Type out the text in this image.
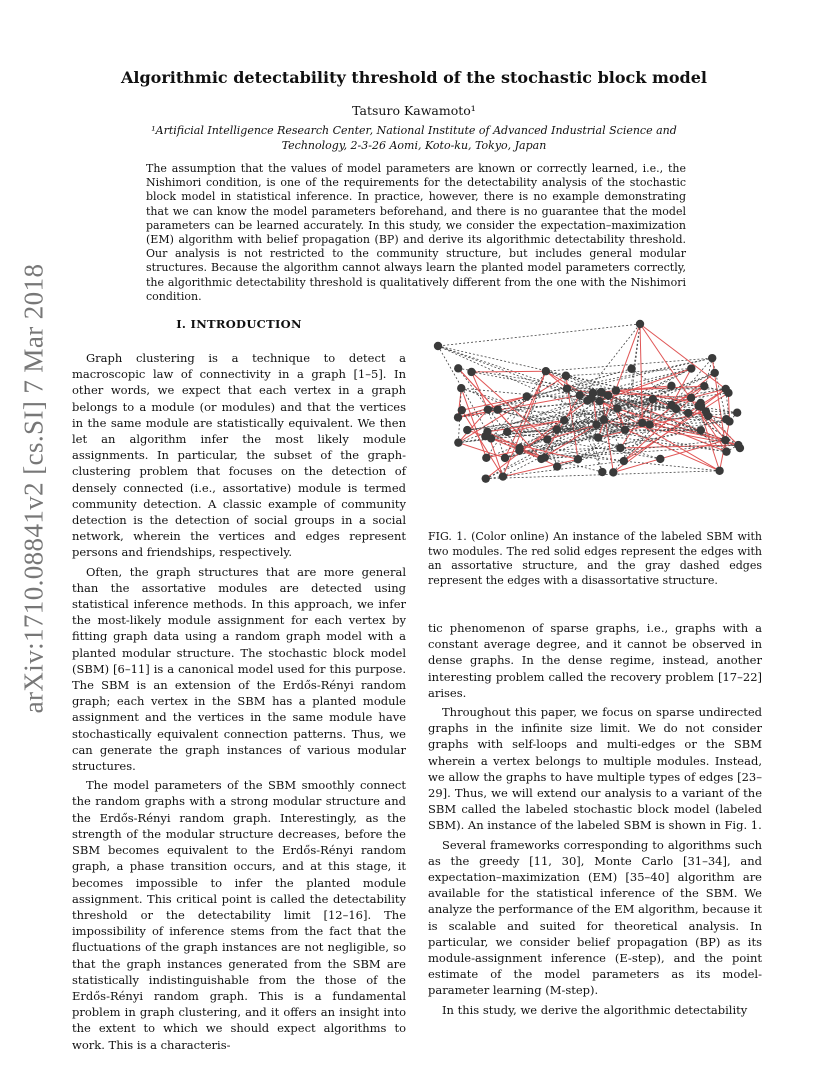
arXiv:1710.08841v2 [cs.SI] 7 Mar 2018
Algorithmic detectability threshold of the stochastic block model
Tatsuro Kawamoto¹
¹Artificial Intelligence Research Center, National Institute of Advanced Industrial Science and Technology, 2-3-26 Aomi, Koto-ku, Tokyo, Japan
The assumption that the values of model parameters are known or correctly learned, i.e., the Nishimori condition, is one of the requirements for the detectability analysis of the stochastic block model in statistical inference. In practice, however, there is no example demonstrating that we can know the model parameters beforehand, and there is no guarantee that the model parameters can be learned accurately. In this study, we consider the expectation–maximization (EM) algorithm with belief propagation (BP) and derive its algorithmic detectability threshold. Our analysis is not restricted to the community structure, but includes general modular structures. Because the algorithm cannot always learn the planted model parameters correctly, the algorithmic detectability threshold is qualitatively different from the one with the Nishimori condition.
I. INTRODUCTION

Graph clustering is a technique to detect a macroscopic law of connectivity in a graph [1–5]. In other words, we expect that each vertex in a graph belongs to a module (or modules) and that the vertices in the same module are statistically equivalent. We then let an algorithm infer the most likely module assignments. In particular, the subset of the graph-clustering problem that focuses on the detection of densely connected (i.e., assortative) module is termed community detection. A classic example of community detection is the detection of social groups in a social network, wherein the vertices and edges represent persons and friendships, respectively.

Often, the graph structures that are more general than the assortative modules are detected using statistical inference methods. In this approach, we infer the most-likely module assignment for each vertex by fitting graph data using a random graph model with a planted modular structure. The stochastic block model (SBM) [6–11] is a canonical model used for this purpose. The SBM is an extension of the Erdős-Rényi random graph; each vertex in the SBM has a planted module assignment and the vertices in the same module have stochastically equivalent connection patterns. Thus, we can generate the graph instances of various modular structures.

The model parameters of the SBM smoothly connect the random graphs with a strong modular structure and the Erdős-Rényi random graph. Interestingly, as the strength of the modular structure decreases, before the SBM becomes equivalent to the Erdős-Rényi random graph, a phase transition occurs, and at this stage, it becomes impossible to infer the planted module assignment. This critical point is called the detectability threshold or the detectability limit [12–16]. The impossibility of inference stems from the fact that the fluctuations of the graph instances are not negligible, so that the graph instances generated from the SBM are statistically indistinguishable from the those of the Erdős-Rényi random graph. This is a fundamental problem in graph clustering, and it offers an insight into the extent to which we should expect algorithms to work. This is a characteris-

FIG. 1. (Color online) An instance of the labeled SBM with two modules. The red solid edges represent the edges with an assortative structure, and the gray dashed edges represent the edges with a disassortative structure.

tic phenomenon of sparse graphs, i.e., graphs with a constant average degree, and it cannot be observed in dense graphs. In the dense regime, instead, another interesting problem called the recovery problem [17–22] arises.

Throughout this paper, we focus on sparse undirected graphs in the infinite size limit. We do not consider graphs with self-loops and multi-edges or the SBM wherein a vertex belongs to multiple modules. Instead, we allow the graphs to have multiple types of edges [23–29]. Thus, we will extend our analysis to a variant of the SBM called the labeled stochastic block model (labeled SBM). An instance of the labeled SBM is shown in Fig. 1.

Several frameworks corresponding to algorithms such as the greedy [11, 30], Monte Carlo [31–34], and expectation–maximization (EM) [35–40] algorithm are available for the statistical inference of the SBM. We analyze the performance of the EM algorithm, because it is scalable and suited for theoretical analysis. In particular, we consider belief propagation (BP) as its module-assignment inference (E-step), and the point estimate of the model parameters as its model-parameter learning (M-step).

In this study, we derive the algorithmic detectability
